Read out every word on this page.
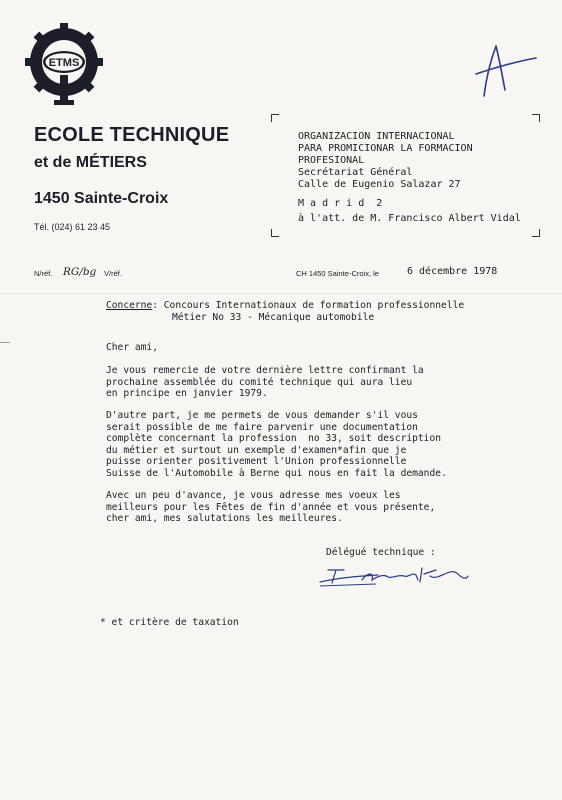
ETMS
ECOLE TECHNIQUE
et de MÉTIERS
1450 Sainte-Croix
Tél. (024) 61 23 45
ORGANIZACION INTERNACIONAL
PARA PROMICIONAR LA FORMACION
PROFESIONAL
Secrétariat Général
Calle de Eugenio Salazar 27
M a d r i d  2
à l'att. de M. Francisco Albert Vidal
N/réf. RG/bg V/réf.	CH 1450 Sainte-Croix, le	6 décembre 1978
Concerne: Concours Internationaux de formation professionnelle
Métier No 33 - Mécanique automobile
Cher ami,
Je vous remercie de votre dernière lettre confirmant la
prochaine assemblée du comité technique qui aura lieu
en principe en janvier 1979.
D'autre part, je me permets de vous demander s'il vous
serait possible de me faire parvenir une documentation
complète concernant la profession  no 33, soit description
du métier et surtout un exemple d'examen*afin que je
puisse orienter positivement l'Union professionnelle
Suisse de l'Automobile à Berne qui nous en fait la demande.
Avec un peu d'avance, je vous adresse mes voeux les
meilleurs pour les Fêtes de fin d'année et vous présente,
cher ami, mes salutations les meilleures.
Délégué technique :
* et critère de taxation
